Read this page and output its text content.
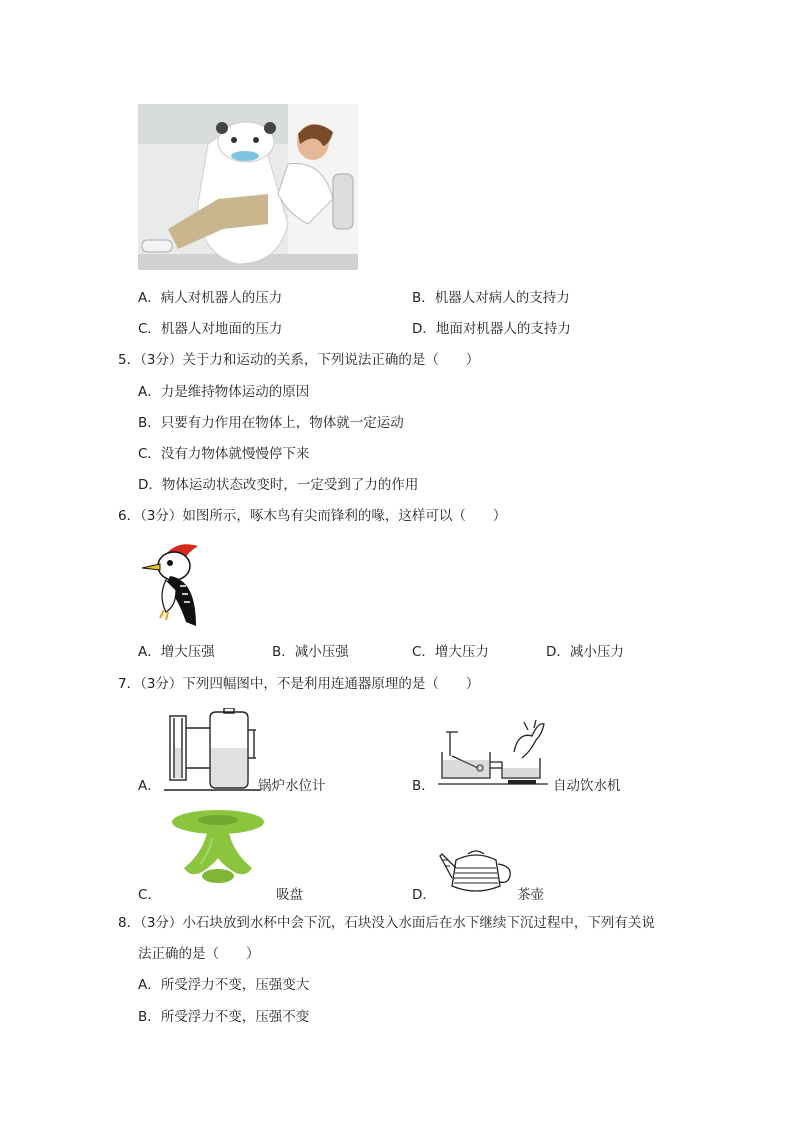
A．病人对机器人的压力	B．机器人对病人的支持力
C．机器人对地面的压力	D．地面对机器人的支持力
5．（3分）关于力和运动的关系，下列说法正确的是（　　）
A．力是维持物体运动的原因
B．只要有力作用在物体上，物体就一定运动
C．没有力物体就慢慢停下来
D．物体运动状态改变时，一定受到了力的作用
6．（3分）如图所示，啄木鸟有尖而锋利的喙，这样可以（　　）
A．增大压强	B．减小压强	C．增大压力	D．减小压力
7．（3分）下列四幅图中，不是利用连通器原理的是（　　）
A．	锅炉水位计	B．	自动饮水机
C．	吸盘	D．	茶壶
8．（3分）小石块放到水杯中会下沉，石块没入水面后在水下继续下沉过程中，下列有关说
法正确的是（　　）
A．所受浮力不变，压强变大
B．所受浮力不变，压强不变
